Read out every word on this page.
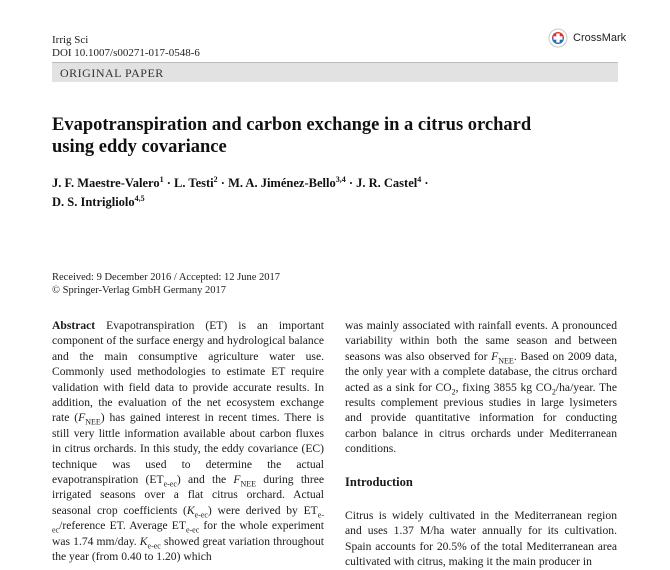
Irrig Sci
DOI 10.1007/s00271-017-0548-6
CrossMark
ORIGINAL PAPER
Evapotranspiration and carbon exchange in a citrus orchard
using eddy covariance
J. F. Maestre-Valero$^1$ · L. Testi$^2$ · M. A. Jiménez-Bello$^{3,4}$ · J. R. Castel$^4$ ·
D. S. Intrigliolo$^{4,5}$
Received: 9 December 2016 / Accepted: 12 June 2017
© Springer-Verlag GmbH Germany 2017

Abstract Evapotranspiration (ET) is an important component of the surface energy and hydrological balance and the main consumptive agriculture water use. Commonly used methodologies to estimate ET require validation with field data to provide accurate results. In addition, the evaluation of the net ecosystem exchange rate $(F_{NEE})$ has gained interest in recent times. There is still very little information available about carbon fluxes in citrus orchards. In this study, the eddy covariance (EC) technique was used to determine the actual evapotranspiration $(ET_{e-ec})$ and the $F_{NEE}$ during three irrigated seasons over a flat citrus orchard. Actual seasonal crop coefficients $(K_{e-ec})$ were derived by $ET_{e-ec}$/reference ET. Average $ET_{e-ec}$ for the whole experiment was 1.74 mm/day. $K_{e-ec}$ showed great variation throughout the year (from 0.40 to 1.20) which

was mainly associated with rainfall events. A pronounced variability within both the same season and between seasons was also observed for $F_{NEE}$. Based on 2009 data, the only year with a complete database, the citrus orchard acted as a sink for $CO_2$, fixing 3855 kg $CO_2/ha$/year. The results complement previous studies in large lysimeters and provide quantitative information for conducting carbon balance in citrus orchards under Mediterranean conditions.

Introduction

Citrus is widely cultivated in the Mediterranean region and uses 1.37 M/ha water annually for its cultivation. Spain accounts for 20.5% of the total Mediterranean area cultivated with citrus, making it the main producer in
